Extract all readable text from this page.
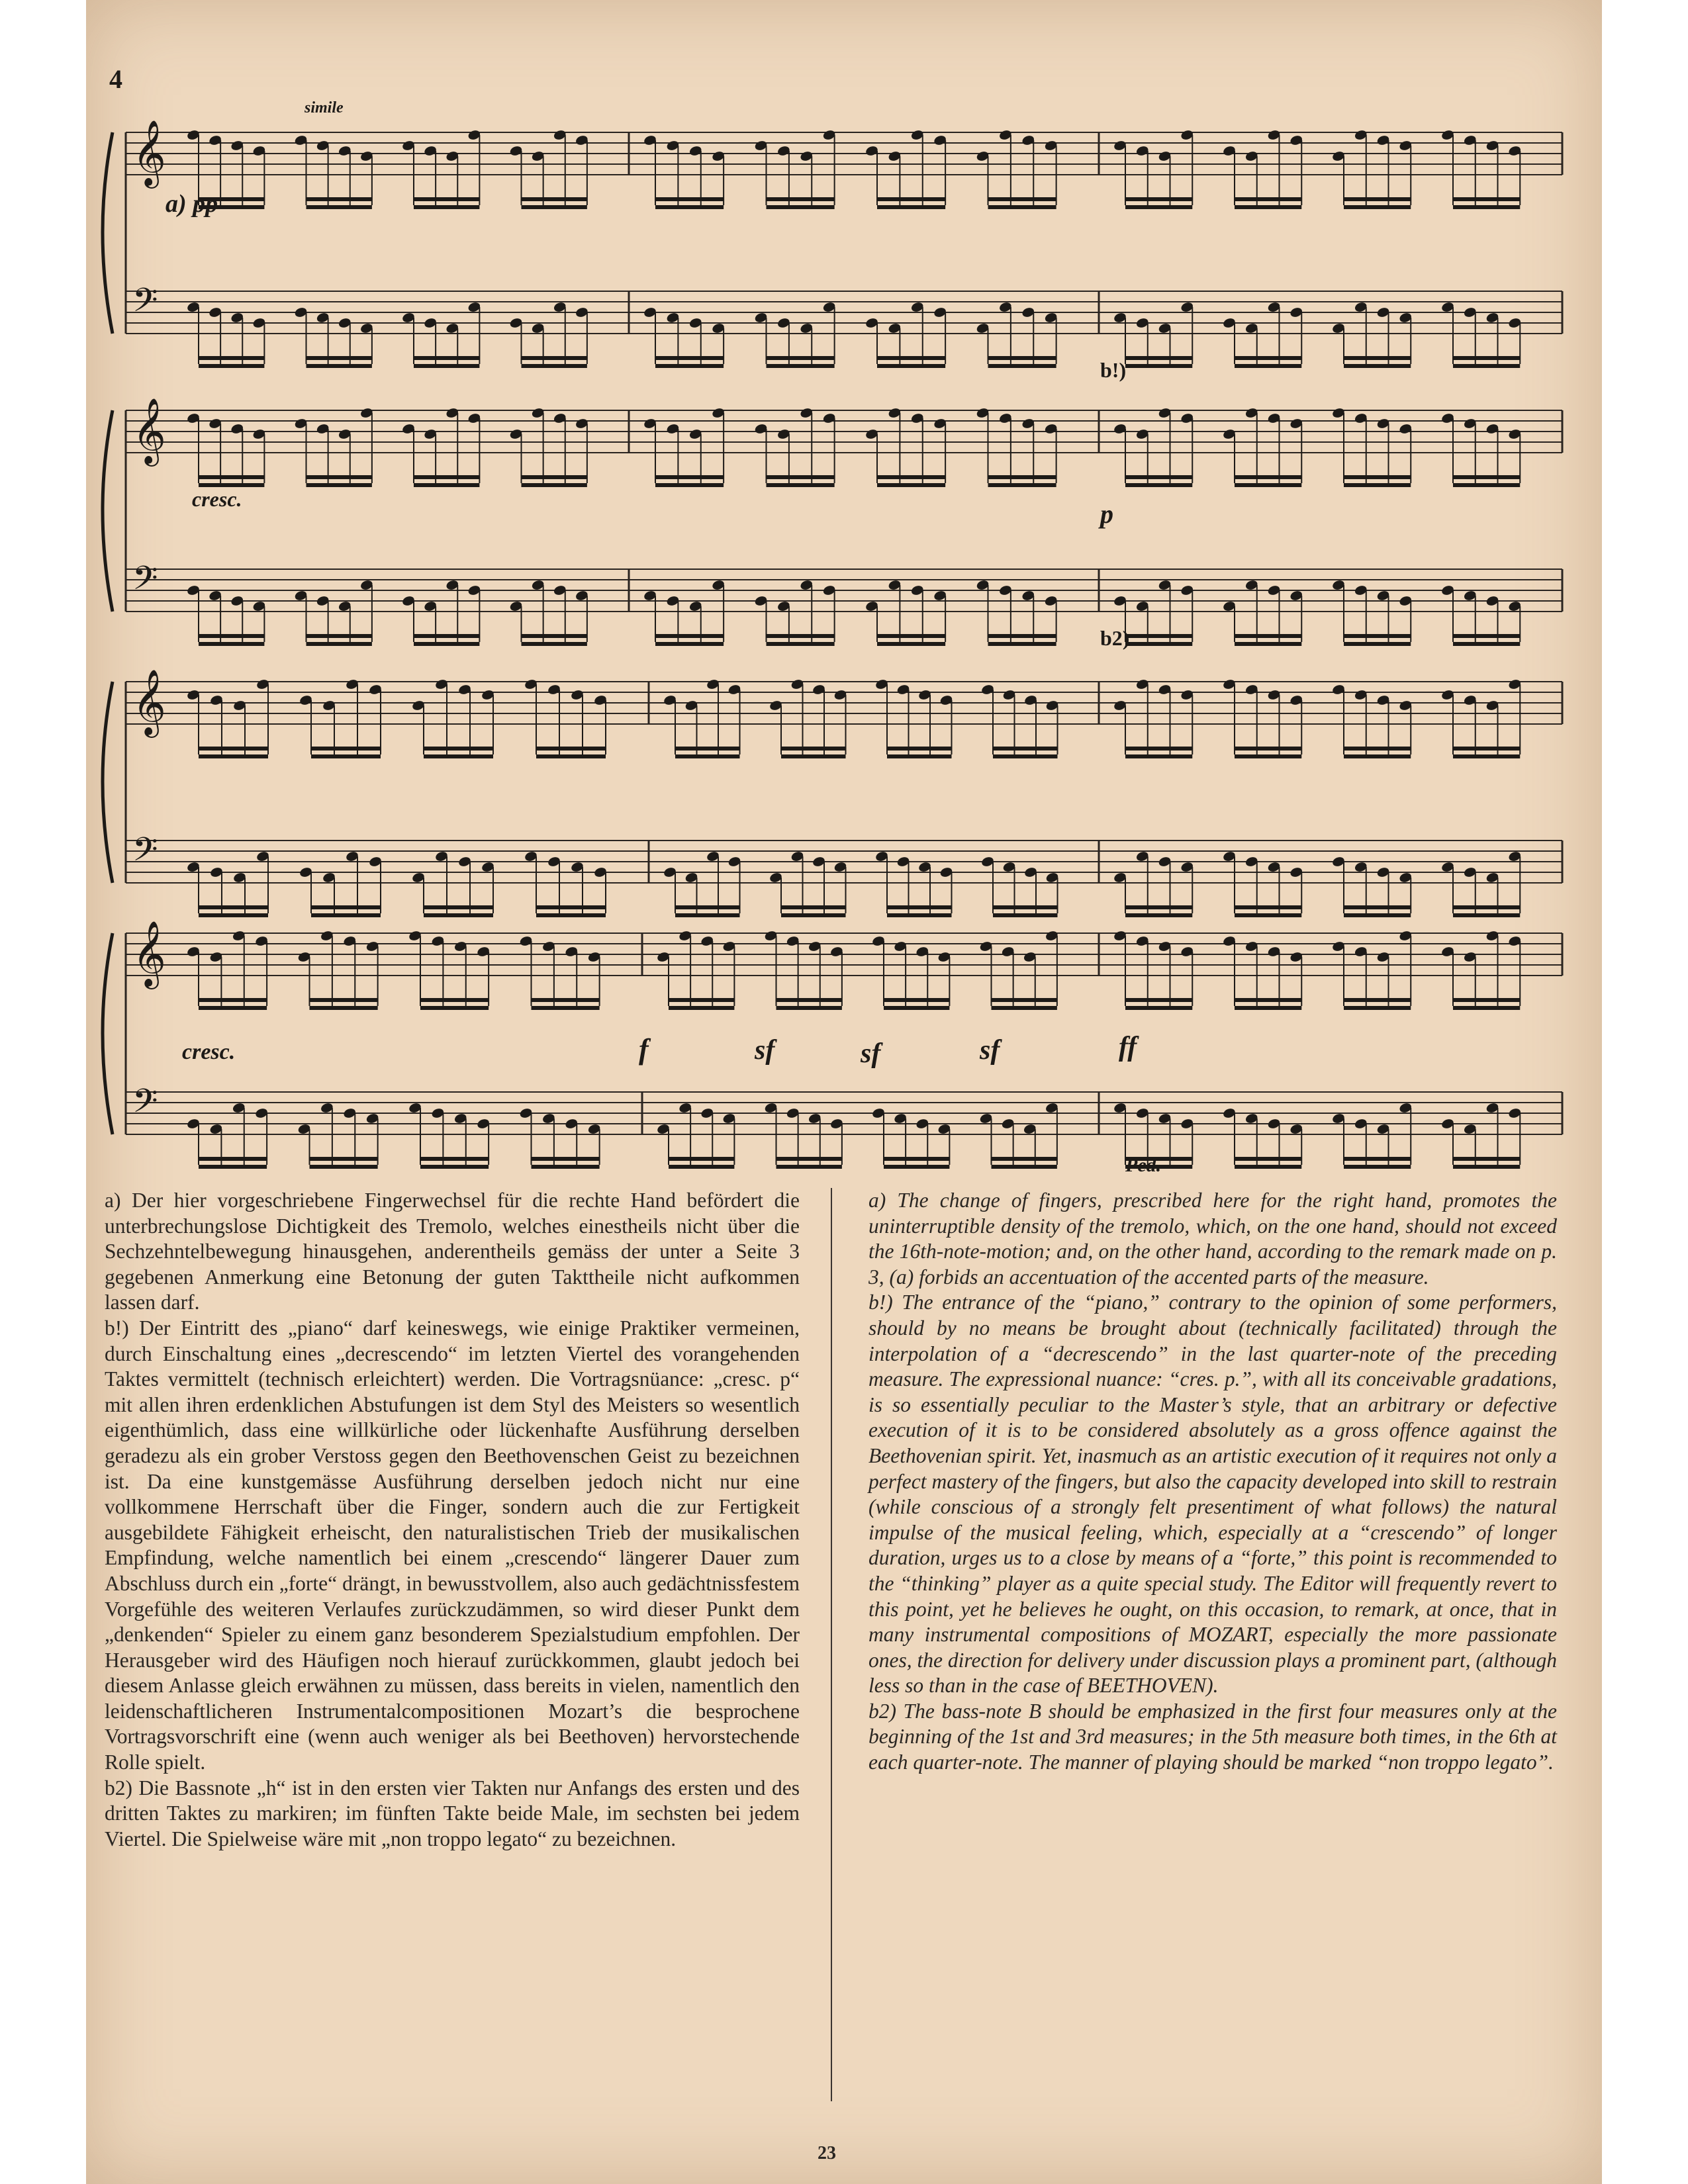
4
𝄞
𝄢
𝄞
𝄢
𝄞
𝄢
𝄞
𝄢
simile
a) pp
cresc.
b!)
p
b2)
cresc.	f	sf	sf	sf	ff
Ped.

a) Der hier vorgeschriebene Fingerwechsel für die rechte Hand befördert die unterbrechungslose Dichtigkeit des Tremolo, welches einestheils nicht über die Sechzehntelbewegung hinausgehen, anderentheils gemäss der unter a Seite 3 gegebenen Anmerkung eine Betonung der guten Takttheile nicht aufkommen lassen darf.

b!) Der Eintritt des „piano“ darf keineswegs, wie einige Praktiker vermeinen, durch Einschaltung eines „decrescendo“ im letzten Viertel des vorangehenden Taktes vermittelt (technisch erleichtert) werden. Die Vortragsnüance: „cresc. p“ mit allen ihren erdenklichen Abstufungen ist dem Styl des Meisters so wesentlich eigenthümlich, dass eine willkürliche oder lückenhafte Ausführung derselben geradezu als ein grober Verstoss gegen den Beethovenschen Geist zu bezeichnen ist. Da eine kunstgemässe Ausführung derselben jedoch nicht nur eine vollkommene Herrschaft über die Finger, sondern auch die zur Fertigkeit ausgebildete Fähigkeit erheischt, den naturalistischen Trieb der musikalischen Empfindung, welche namentlich bei einem „crescendo“ längerer Dauer zum Abschluss durch ein „forte“ drängt, in bewusstvollem, also auch gedächtnissfestem Vorgefühle des weiteren Verlaufes zurückzudämmen, so wird dieser Punkt dem „denkenden“ Spieler zu einem ganz besonderem Spezialstudium empfohlen. Der Herausgeber wird des Häufigen noch hierauf zurückkommen, glaubt jedoch bei diesem Anlasse gleich erwähnen zu müssen, dass bereits in vielen, namentlich den leidenschaftlicheren Instrumentalcompositionen Mozart’s die besprochene Vortragsvorschrift eine (wenn auch weniger als bei Beethoven) hervorstechende Rolle spielt.

b2) Die Bassnote „h“ ist in den ersten vier Takten nur Anfangs des ersten und des dritten Taktes zu markiren; im fünften Takte beide Male, im sechsten bei jedem Viertel. Die Spielweise wäre mit „non troppo legato“ zu bezeichnen.

a) The change of fingers, prescribed here for the right hand, promotes the uninterruptible density of the tremolo, which, on the one hand, should not exceed the 16th-note-motion; and, on the other hand, according to the remark made on p. 3, (a) forbids an accentuation of the accented parts of the measure.

b!) The entrance of the “piano,” contrary to the opinion of some performers, should by no means be brought about (technically facilitated) through the interpolation of a “decrescendo” in the last quarter-note of the preceding measure. The expressional nuance: “cres. p.”, with all its conceivable gradations, is so essentially peculiar to the Master’s style, that an arbitrary or defective execution of it is to be considered absolutely as a gross offence against the Beethovenian spirit. Yet, inasmuch as an artistic execution of it requires not only a perfect mastery of the fingers, but also the capacity developed into skill to restrain (while conscious of a strongly felt presentiment of what follows) the natural impulse of the musical feeling, which, especially at a “crescendo” of longer duration, urges us to a close by means of a “forte,” this point is recommended to the “thinking” player as a quite special study. The Editor will frequently revert to this point, yet he believes he ought, on this occasion, to remark, at once, that in many instrumental compositions of MOZART, especially the more passionate ones, the direction for delivery under discussion plays a prominent part, (although less so than in the case of BEETHOVEN).

b2) The bass-note B should be emphasized in the first four measures only at the beginning of the 1st and 3rd measures; in the 5th measure both times, in the 6th at each quarter-note. The manner of playing should be marked “non troppo legato”.

23
